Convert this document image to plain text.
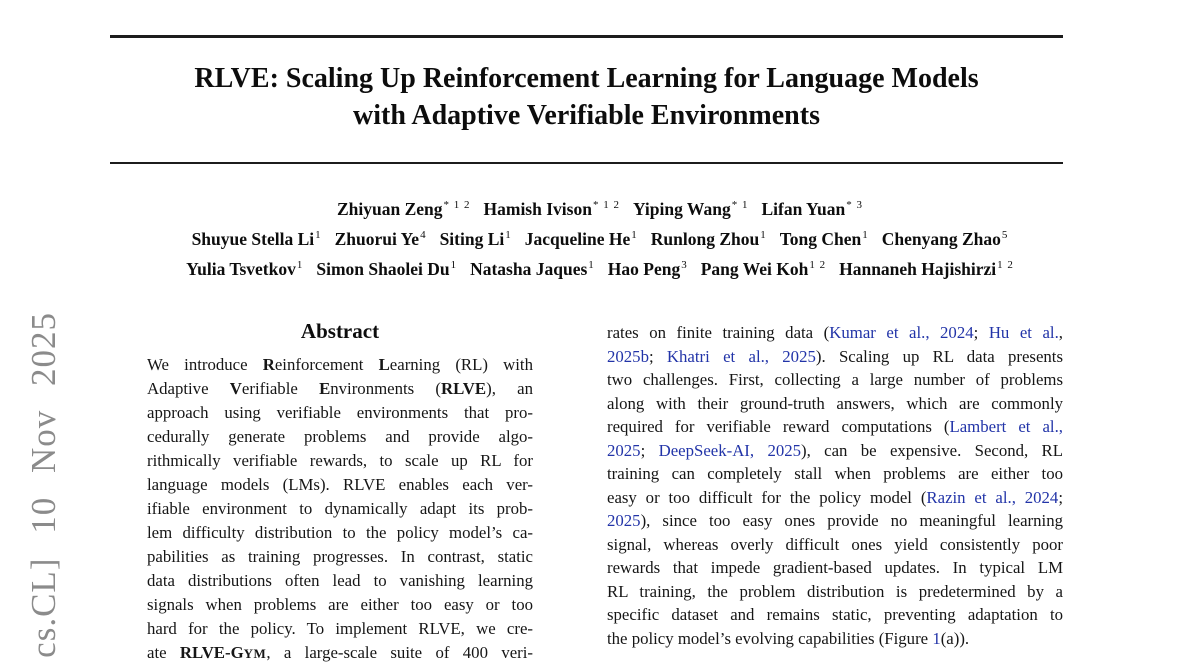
cs.CL] 10 Nov 2025
RLVE: Scaling Up Reinforcement Learning for Language Models
with Adaptive Verifiable Environments
Zhiyuan Zeng$^{* 1 2}$ Hamish Ivison$^{* 1 2}$ Yiping Wang$^{* 1}$ Lifan Yuan$^{* 3}$
Shuyue Stella Li$^1$ Zhuorui Ye$^4$ Siting Li$^1$ Jacqueline He$^1$ Runlong Zhou$^1$ Tong Chen$^1$ Chenyang Zhao$^5$
Yulia Tsvetkov$^1$ Simon Shaolei Du$^1$ Natasha Jaques$^1$ Hao Peng$^3$ Pang Wei Koh$^{1 2}$ Hannaneh Hajishirzi$^{1 2}$
Abstract
We introduce Reinforcement Learning (RL) with
Adaptive Verifiable Environments (RLVE), an
approach using verifiable environments that pro-
cedurally generate problems and provide algo-
rithmically verifiable rewards, to scale up RL for
language models (LMs). RLVE enables each ver-
ifiable environment to dynamically adapt its prob-
lem difficulty distribution to the policy model’s ca-
pabilities as training progresses. In contrast, static
data distributions often lead to vanishing learning
signals when problems are either too easy or too
hard for the policy. To implement RLVE, we cre-
ate RLVE-GYM, a large-scale suite of 400 veri-
rates on finite training data (Kumar et al., 2024; Hu et al.,
2025b; Khatri et al., 2025). Scaling up RL data presents
two challenges. First, collecting a large number of problems
along with their ground-truth answers, which are commonly
required for verifiable reward computations (Lambert et al.,
2025; DeepSeek-AI, 2025), can be expensive. Second, RL
training can completely stall when problems are either too
easy or too difficult for the policy model (Razin et al., 2024;
2025), since too easy ones provide no meaningful learning
signal, whereas overly difficult ones yield consistently poor
rewards that impede gradient-based updates. In typical LM
RL training, the problem distribution is predetermined by a
specific dataset and remains static, preventing adaptation to
the policy model’s evolving capabilities (Figure 1(a)).
